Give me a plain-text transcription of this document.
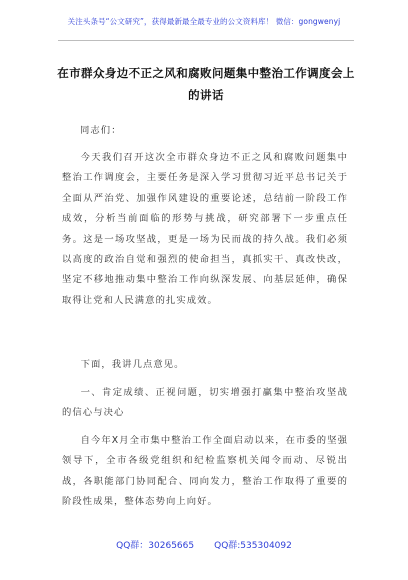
关注头条号“公文研究”，获得最新最全最专业的公文资料库！ 微信：gongwenyj
在市群众身边不正之风和腐败问题集中整治工作调度会上的讲话

同志们：

今天我们召开这次全市群众身边不正之风和腐败问题集中整治工作调度会，主要任务是深入学习贯彻习近平总书记关于全面从严治党、加强作风建设的重要论述，总结前一阶段工作成效，分析当前面临的形势与挑战，研究部署下一步重点任务。这是一场攻坚战，更是一场为民而战的持久战。我们必须以高度的政治自觉和强烈的使命担当，真抓实干、真改快改，坚定不移地推动集中整治工作向纵深发展、向基层延伸，确保取得让党和人民满意的扎实成效。

下面，我讲几点意见。

一、肯定成绩、正视问题，切实增强打赢集中整治攻坚战的信心与决心

自今年X月全市集中整治工作全面启动以来，在市委的坚强领导下，全市各级党组织和纪检监察机关闻令而动、尽锐出战，各职能部门协同配合、同向发力，整治工作取得了重要的阶段性成果，整体态势向上向好。

QQ群：30265665 QQ群:535304092
